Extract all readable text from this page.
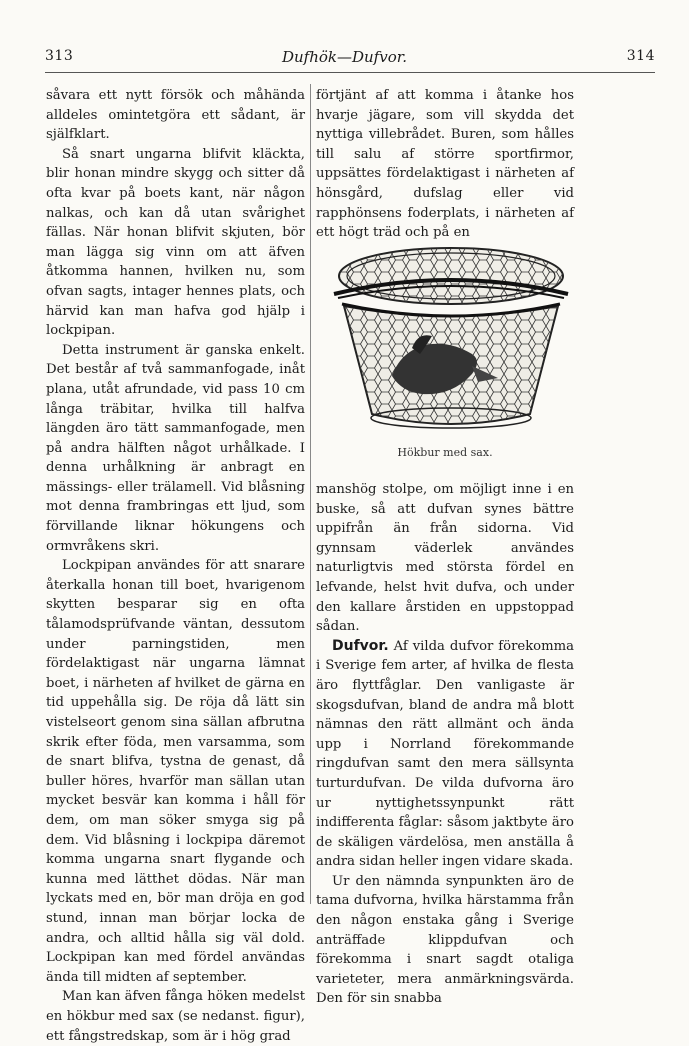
313	Dufhök—Dufvor.	314

såvara ett nytt försök och måhända alldeles omintetgöra ett sådant, är själfklart.

Så snart ungarna blifvit kläckta, blir honan mindre skygg och sitter då ofta kvar på boets kant, när någon nalkas, och kan då utan svårighet fällas. När honan blifvit skjuten, bör man lägga sig vinn om att äfven åtkomma hannen, hvilken nu, som ofvan sagts, intager hennes plats, och härvid kan man hafva god hjälp i lockpipan.

Detta instrument är ganska enkelt. Det består af två sammanfogade, inåt plana, utåt afrundade, vid pass 10 cm långa träbitar, hvilka till halfva längden äro tätt sammanfogade, men på andra hälften något urhålkade. I denna urhålkning är anbragt en mässings- eller trälamell. Vid blåsning mot denna frambringas ett ljud, som förvillande liknar hökungens och ormvråkens skri.

Lockpipan användes för att snarare återkalla honan till boet, hvarigenom skytten besparar sig en ofta tålamodsprüfvande väntan, dessutom under parningstiden, men fördelaktigast när ungarna lämnat boet, i närheten af hvilket de gärna en tid uppehålla sig. De röja då lätt sin vistelseort genom sina sällan afbrutna skrik efter föda, men varsamma, som de snart blifva, tystna de genast, då buller höres, hvarför man sällan utan mycket besvär kan komma i håll för dem, om man söker smyga sig på dem. Vid blåsning i lockpipa däremot komma ungarna snart flygande och kunna med lätthet dödas. När man lyckats med en, bör man dröja en god stund, innan man börjar locka de andra, och alltid hålla sig väl dold. Lockpipan kan med fördel användas ända till midten af september.

Man kan äfven fånga höken medelst en hökbur med sax (se nedanst. figur), ett fångstredskap, som är i hög grad

förtjänt af att komma i åtanke hos hvarje jägare, som vill skydda det nyttiga villebrådet. Buren, som hålles till salu af större sportfirmor, uppsättes fördelaktigast i närheten af hönsgård, dufslag eller vid rapphönsens foderplats, i närheten af ett högt träd och på en

Hökbur med sax.

manshög stolpe, om möjligt inne i en buske, så att dufvan synes bättre uppifrån än från sidorna. Vid gynnsam väderlek användes naturligtvis med största fördel en lefvande, helst hvit dufva, och under den kallare årstiden en uppstoppad sådan.

Dufvor. Af vilda dufvor förekomma i Sverige fem arter, af hvilka de flesta äro flyttfåglar. Den vanligaste är skogsdufvan, bland de andra må blott nämnas den rätt allmänt och ända upp i Norrland förekommande ringdufvan samt den mera sällsynta turturdufvan. De vilda dufvorna äro ur nyttighetssynpunkt rätt indifferenta fåglar: såsom jaktbyte äro de skäligen värdelösa, men anställa å andra sidan heller ingen vidare skada.

Ur den nämnda synpunkten äro de tama dufvorna, hvilka härstamma från den någon enstaka gång i Sverige anträffade klippdufvan och förekomma i snart sagdt otaliga varieteter, mera anmärkningsvärda. Den för sin snabba
